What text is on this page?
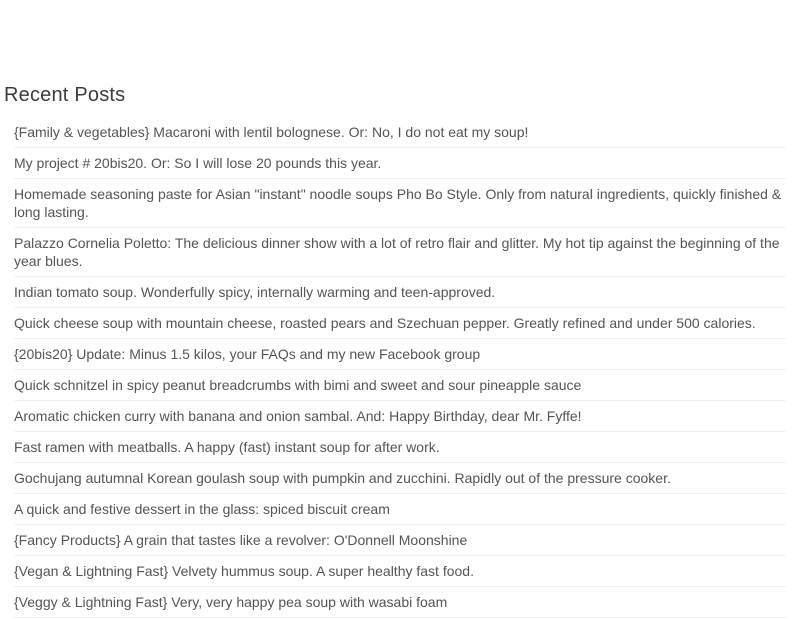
Recent Posts
{Family & vegetables} Macaroni with lentil bolognese. Or: No, I do not eat my soup!
My project # 20bis20. Or: So I will lose 20 pounds this year.
Homemade seasoning paste for Asian "instant" noodle soups Pho Bo Style. Only from natural ingredients, quickly finished & long lasting.
Palazzo Cornelia Poletto: The delicious dinner show with a lot of retro flair and glitter. My hot tip against the beginning of the year blues.
Indian tomato soup. Wonderfully spicy, internally warming and teen-approved.
Quick cheese soup with mountain cheese, roasted pears and Szechuan pepper. Greatly refined and under 500 calories.
{20bis20} Update: Minus 1.5 kilos, your FAQs and my new Facebook group
Quick schnitzel in spicy peanut breadcrumbs with bimi and sweet and sour pineapple sauce
Aromatic chicken curry with banana and onion sambal. And: Happy Birthday, dear Mr. Fyffe!
Fast ramen with meatballs. A happy (fast) instant soup for after work.
Gochujang autumnal Korean goulash soup with pumpkin and zucchini. Rapidly out of the pressure cooker.
A quick and festive dessert in the glass: spiced biscuit cream
{Fancy Products} A grain that tastes like a revolver: O'Donnell Moonshine
{Vegan & Lightning Fast} Velvety hummus soup. A super healthy fast food.
{Veggy & Lightning Fast} Very, very happy pea soup with wasabi foam
